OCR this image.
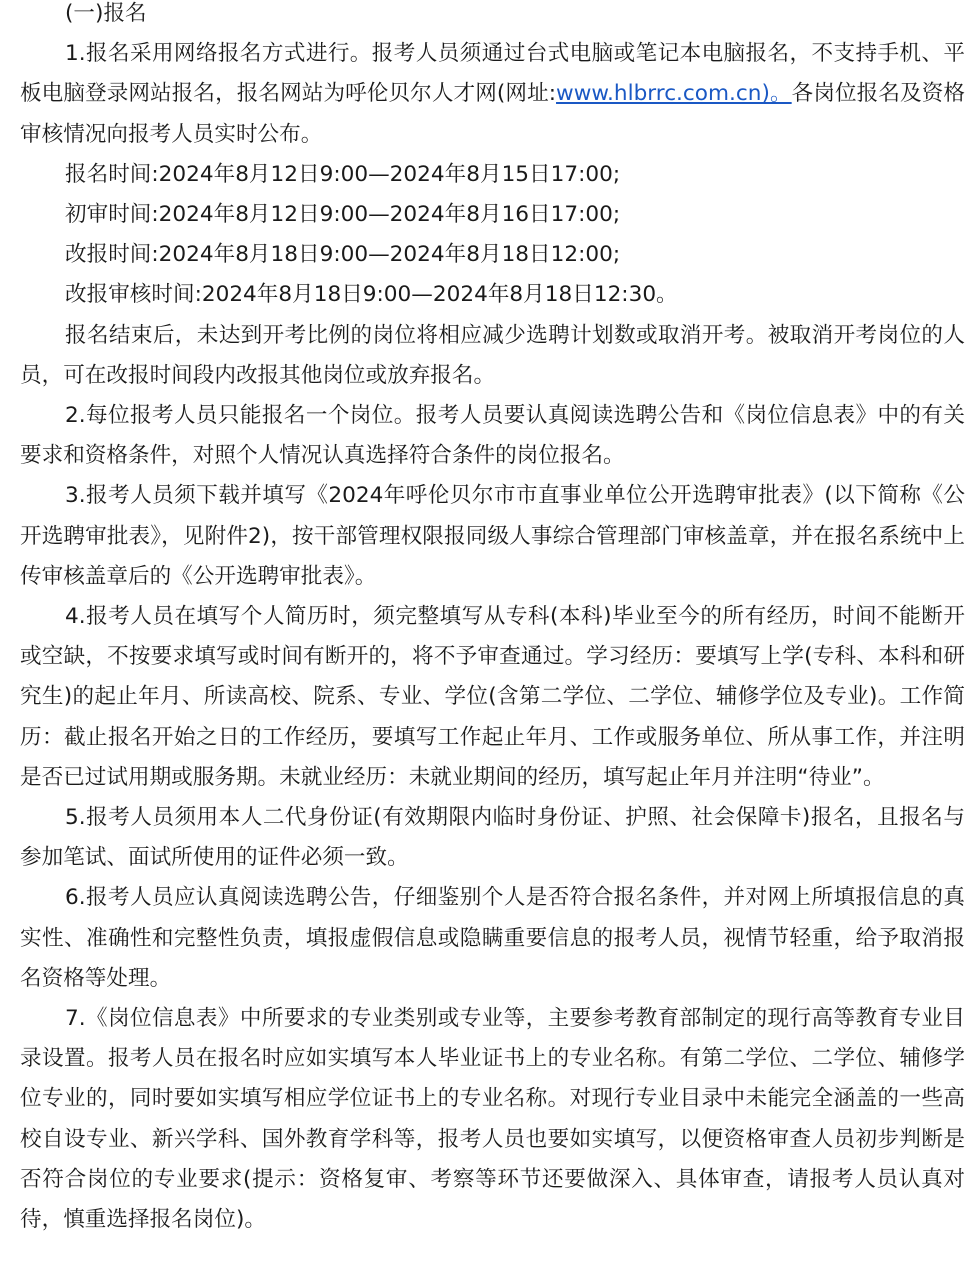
(一)报名

1.报名采用网络报名方式进行。报考人员须通过台式电脑或笔记本电脑报名，不支持手机、平板电脑登录网站报名，报名网站为呼伦贝尔人才网(网址:www.hlbrrc.com.cn)。各岗位报名及资格审核情况向报考人员实时公布。

报名时间:2024年8月12日9:00—2024年8月15日17:00;

初审时间:2024年8月12日9:00—2024年8月16日17:00;

改报时间:2024年8月18日9:00—2024年8月18日12:00;

改报审核时间:2024年8月18日9:00—2024年8月18日12:30。

报名结束后，未达到开考比例的岗位将相应减少选聘计划数或取消开考。被取消开考岗位的人员，可在改报时间段内改报其他岗位或放弃报名。

2.每位报考人员只能报名一个岗位。报考人员要认真阅读选聘公告和《岗位信息表》中的有关要求和资格条件，对照个人情况认真选择符合条件的岗位报名。

3.报考人员须下载并填写《2024年呼伦贝尔市市直事业单位公开选聘审批表》(以下简称《公开选聘审批表》，见附件2)，按干部管理权限报同级人事综合管理部门审核盖章，并在报名系统中上传审核盖章后的《公开选聘审批表》。

4.报考人员在填写个人简历时，须完整填写从专科(本科)毕业至今的所有经历，时间不能断开或空缺，不按要求填写或时间有断开的，将不予审查通过。学习经历：要填写上学(专科、本科和研究生)的起止年月、所读高校、院系、专业、学位(含第二学位、二学位、辅修学位及专业)。工作简历：截止报名开始之日的工作经历，要填写工作起止年月、工作或服务单位、所从事工作，并注明是否已过试用期或服务期。未就业经历：未就业期间的经历，填写起止年月并注明“待业”。

5.报考人员须用本人二代身份证(有效期限内临时身份证、护照、社会保障卡)报名，且报名与参加笔试、面试所使用的证件必须一致。

6.报考人员应认真阅读选聘公告，仔细鉴别个人是否符合报名条件，并对网上所填报信息的真实性、准确性和完整性负责，填报虚假信息或隐瞒重要信息的报考人员，视情节轻重，给予取消报名资格等处理。

7.《岗位信息表》中所要求的专业类别或专业等，主要参考教育部制定的现行高等教育专业目录设置。报考人员在报名时应如实填写本人毕业证书上的专业名称。有第二学位、二学位、辅修学位专业的，同时要如实填写相应学位证书上的专业名称。对现行专业目录中未能完全涵盖的一些高校自设专业、新兴学科、国外教育学科等，报考人员也要如实填写，以便资格审查人员初步判断是否符合岗位的专业要求(提示：资格复审、考察等环节还要做深入、具体审查，请报考人员认真对待，慎重选择报名岗位)。
